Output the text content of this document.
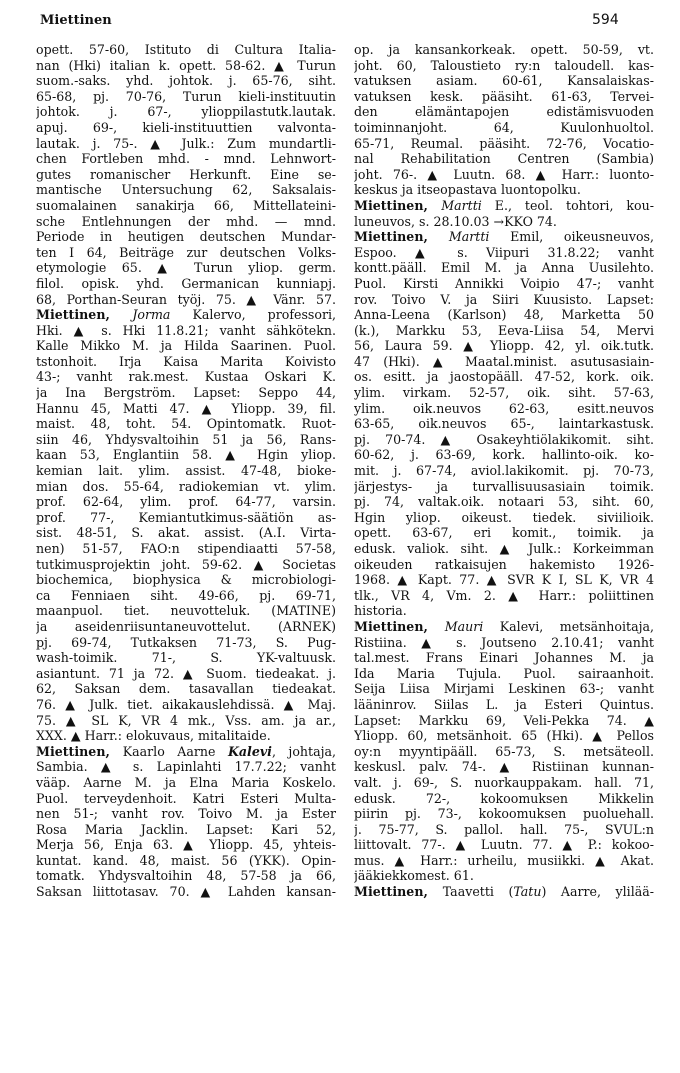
Miettinen	594
opett. 57-60, Istituto di Cultura Italia-
nan (Hki) italian k. opett. 58-62. ▲ Turun
suom.-saks. yhd. johtok. j. 65-76, siht.
65-68, pj. 70-76, Turun kieli-instituutin
johtok. j. 67-, ylioppilastutk.lautak.
apuj. 69-, kieli-instituuttien valvonta-
lautak. j. 75-. ▲ Julk.: Zum mundartli-
chen Fortleben mhd. - mnd. Lehnwort-
gutes romanischer Herkunft. Eine se-
mantische Untersuchung 62, Saksalais-
suomalainen sanakirja 66, Mittellateini-
sche Entlehnungen der mhd. — mnd.
Periode in heutigen deutschen Mundar-
ten I 64, Beiträge zur deutschen Volks-
etymologie 65. ▲ Turun yliop. germ.
filol. opisk. yhd. Germanican kunniapj.
68, Porthan-Seuran työj. 75. ▲ Vänr. 57.
Miettinen, Jorma Kalervo, professori,
Hki. ▲ s. Hki 11.8.21; vanht sähkötekn.
Kalle Mikko M. ja Hilda Saarinen. Puol.
tstonhoit. Irja Kaisa Marita Koivisto
43-; vanht rak.mest. Kustaa Oskari K.
ja Ina Bergström. Lapset: Seppo 44,
Hannu 45, Matti 47. ▲ Yliopp. 39, fil.
maist. 48, toht. 54. Opintomatk. Ruot-
siin 46, Yhdysvaltoihin 51 ja 56, Rans-
kaan 53, Englantiin 58. ▲ Hgin yliop.
kemian lait. ylim. assist. 47-48, bioke-
mian dos. 55-64, radiokemian vt. ylim.
prof. 62-64, ylim. prof. 64-77, varsin.
prof. 77-, Kemiantutkimus-säätiön as-
sist. 48-51, S. akat. assist. (A.I. Virta-
nen) 51-57, FAO:n stipendiaatti 57-58,
tutkimusprojektin joht. 59-62. ▲ Societas
biochemica, biophysica & microbiologi-
ca Fenniaen siht. 49-66, pj. 69-71,
maanpuol. tiet. neuvotteluk. (MATINE)
ja aseidenriisuntaneuvottelut. (ARNEK)
pj. 69-74, Tutkaksen 71-73, S. Pug-
wash-toimik. 71-, S. YK-valtuusk.
asiantunt. 71 ja 72. ▲ Suom. tiedeakat. j.
62, Saksan dem. tasavallan tiedeakat.
76. ▲ Julk. tiet. aikakauslehdissä. ▲ Maj.
75. ▲ SL K, VR 4 mk., Vss. am. ja ar.,
XXX. ▲ Harr.: elokuvaus, mitalitaide.
Miettinen, Kaarlo Aarne Kalevi, johtaja,
Sambia. ▲ s. Lapinlahti 17.7.22; vanht
vääp. Aarne M. ja Elna Maria Koskelo.
Puol. terveydenhoit. Katri Esteri Multa-
nen 51-; vanht rov. Toivo M. ja Ester
Rosa Maria Jacklin. Lapset: Kari 52,
Merja 56, Enja 63. ▲ Yliopp. 45, yhteis-
kuntat. kand. 48, maist. 56 (YKK). Opin-
tomatk. Yhdysvaltoihin 48, 57-58 ja 66,
Saksan liittotasav. 70. ▲ Lahden kansan-
op. ja kansankorkeak. opett. 50-59, vt.
joht. 60, Taloustieto ry:n taloudell. kas-
vatuksen asiam. 60-61, Kansalaiskas-
vatuksen kesk. pääsiht. 61-63, Tervei-
den elämäntapojen edistämisvuoden
toiminnanjoht. 64, Kuulonhuoltol.
65-71, Reumal. pääsiht. 72-76, Vocatio-
nal Rehabilitation Centren (Sambia)
joht. 76-. ▲ Luutn. 68. ▲ Harr.: luonto-
keskus ja itseopastava luontopolku.
Miettinen, Martti E., teol. tohtori, kou-
luneuvos, s. 28.10.03 →KKO 74.
Miettinen, Martti Emil, oikeusneuvos,
Espoo. ▲ s. Viipuri 31.8.22; vanht
kontt.pääll. Emil M. ja Anna Uusilehto.
Puol. Kirsti Annikki Voipio 47-; vanht
rov. Toivo V. ja Siiri Kuusisto. Lapset:
Anna-Leena (Karlson) 48, Marketta 50
(k.), Markku 53, Eeva-Liisa 54, Mervi
56, Laura 59. ▲ Yliopp. 42, yl. oik.tutk.
47 (Hki). ▲ Maatal.minist. asutusasiain-
os. esitt. ja jaostopääll. 47-52, kork. oik.
ylim. virkam. 52-57, oik. siht. 57-63,
ylim. oik.neuvos 62-63, esitt.neuvos
63-65, oik.neuvos 65-, laintarkastusk.
pj. 70-74. ▲ Osakeyhtiölakikomit. siht.
60-62, j. 63-69, kork. hallinto-oik. ko-
mit. j. 67-74, aviol.lakikomit. pj. 70-73,
järjestys- ja turvallisuusasiain toimik.
pj. 74, valtak.oik. notaari 53, siht. 60,
Hgin yliop. oikeust. tiedek. siviilioik.
opett. 63-67, eri komit., toimik. ja
edusk. valiok. siht. ▲ Julk.: Korkeimman
oikeuden ratkaisujen hakemisto 1926-
1968. ▲ Kapt. 77. ▲ SVR K I, SL K, VR 4
tlk., VR 4, Vm. 2. ▲ Harr.: poliittinen
historia.
Miettinen, Mauri Kalevi, metsänhoitaja,
Ristiina. ▲ s. Joutseno 2.10.41; vanht
tal.mest. Frans Einari Johannes M. ja
Ida Maria Tujula. Puol. sairaanhoit.
Seija Liisa Mirjami Leskinen 63-; vanht
lääninrov. Siilas L. ja Esteri Quintus.
Lapset: Markku 69, Veli-Pekka 74. ▲
Yliopp. 60, metsänhoit. 65 (Hki). ▲ Pellos
oy:n myyntipääll. 65-73, S. metsäteoll.
keskusl. palv. 74-. ▲ Ristiinan kunnan-
valt. j. 69-, S. nuorkauppakam. hall. 71,
edusk. 72-, kokoomuksen Mikkelin
piirin pj. 73-, kokoomuksen puoluehall.
j. 75-77, S. pallol. hall. 75-, SVUL:n
liittovalt. 77-. ▲ Luutn. 77. ▲ P.: kokoo-
mus. ▲ Harr.: urheilu, musiikki. ▲ Akat.
jääkiekkomest. 61.
Miettinen, Taavetti (Tatu) Aarre, ylilää-
